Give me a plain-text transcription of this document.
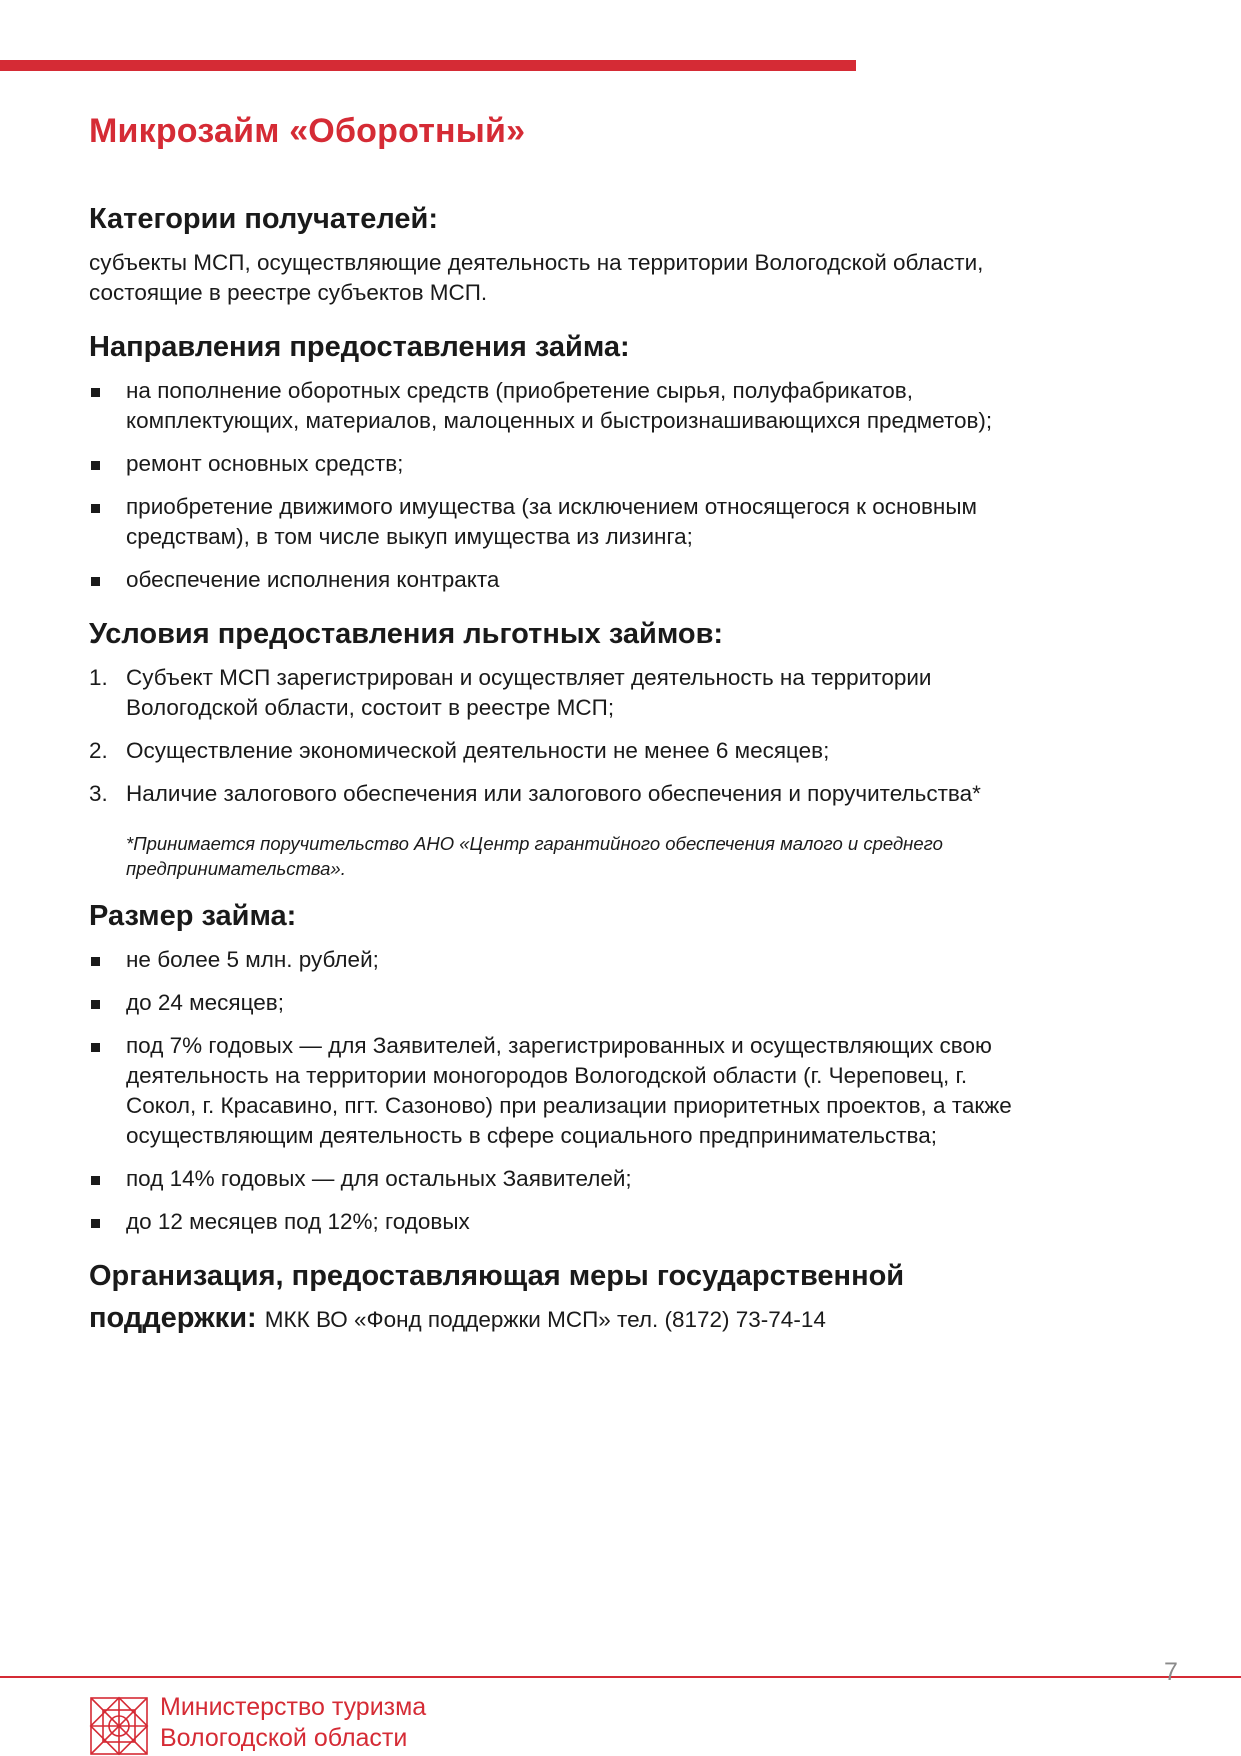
Микрозайм «Оборотный»
Категории получателей:

субъекты МСП, осуществляющие деятельность на территории Вологодской области,
состоящие в реестре субъектов МСП.

Направления предоставления займа:
на пополнение оборотных средств (приобретение сырья, полуфабрикатов,
комплектующих, материалов, малоценных и быстроизнашивающихся предметов);
ремонт основных средств;
приобретение движимого имущества (за исключением относящегося к основным
средствам), в том числе выкуп имущества из лизинга;
обеспечение исполнения контракта
Условия предоставления льготных займов:
1. Субъект МСП зарегистрирован и осуществляет деятельность на территории
Вологодской области, состоит в реестре МСП;
2. Осуществление экономической деятельности не менее 6 месяцев;
3. Наличие залогового обеспечения или залогового обеспечения и поручительства*

*Принимается поручительство АНО «Центр гарантийного обеспечения малого и среднего
предпринимательства».

Размер займа:
не более 5 млн. рублей;
до 24 месяцев;
под 7% годовых — для Заявителей, зарегистрированных и осуществляющих свою
деятельность на территории моногородов Вологодской области (г. Череповец, г.
Сокол, г. Красавино, пгт. Сазоново) при реализации приоритетных проектов, а также
осуществляющим деятельность в сфере социального предпринимательства;
под 14% годовых — для остальных Заявителей;
до 12 месяцев под 12%; годовых
Организация, предоставляющая меры государственной
поддержки: МКК ВО «Фонд поддержки МСП» тел. (8172) 73-74-14
Министерство туризма
Вологодской области
7
